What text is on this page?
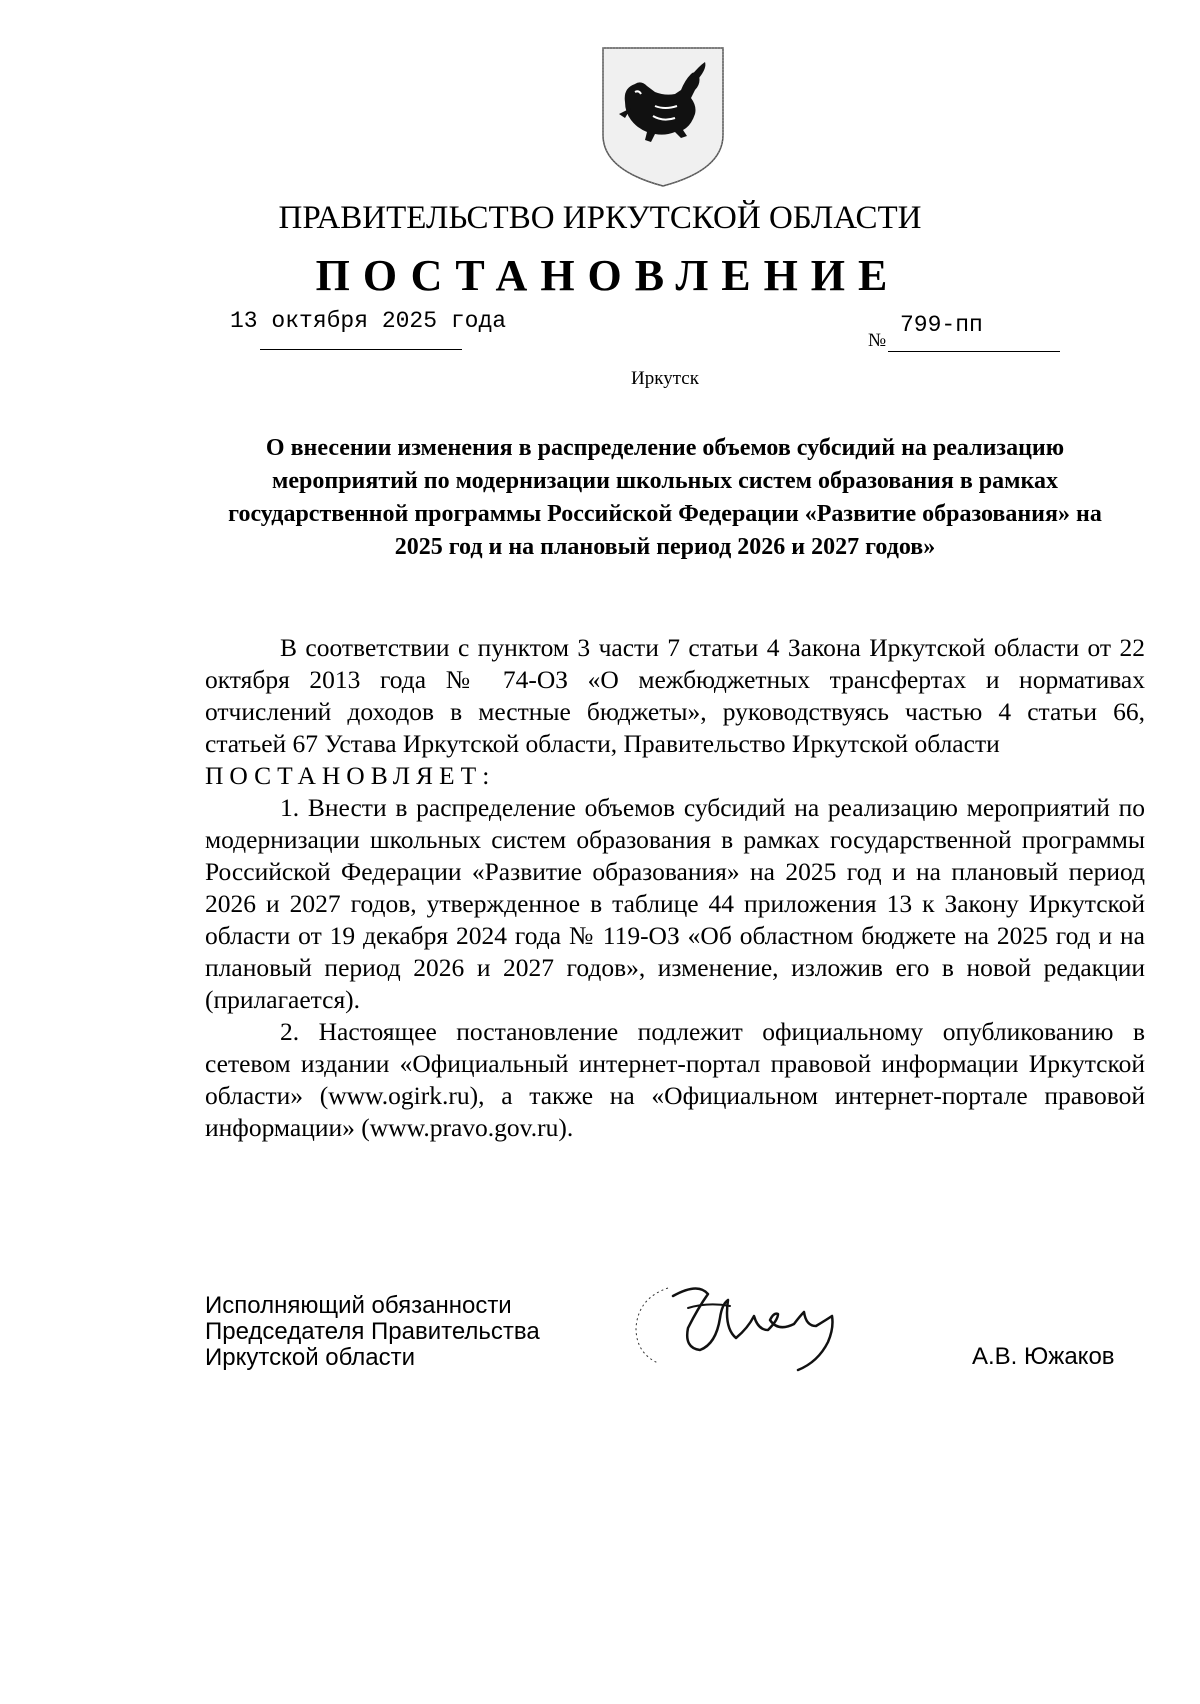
ПРАВИТЕЛЬСТВО ИРКУТСКОЙ ОБЛАСТИ
ПОСТАНОВЛЕНИЕ
13 октября 2025 года
№
799-пп
Иркутск
О внесении изменения в распределение объемов субсидий на реализацию мероприятий по модернизации школьных систем образования в рамках государственной программы Российской Федерации «Развитие образования» на 2025 год и на плановый период 2026 и 2027 годов»

В соответствии с пунктом 3 части 7 статьи 4 Закона Иркутской области от 22 октября 2013 года № 74-ОЗ «О межбюджетных трансфертах и нормативах отчислений доходов в местные бюджеты», руководствуясь частью 4 статьи 66, статьей 67 Устава Иркутской области, Правительство Иркутской области

ПОСТАНОВЛЯЕТ:

1. Внести в распределение объемов субсидий на реализацию мероприятий по модернизации школьных систем образования в рамках государственной программы Российской Федерации «Развитие образования» на 2025 год и на плановый период 2026 и 2027 годов, утвержденное в таблице 44 приложения 13 к Закону Иркутской области от 19 декабря 2024 года № 119-ОЗ «Об областном бюджете на 2025 год и на плановый период 2026 и 2027 годов», изменение, изложив его в новой редакции (прилагается).

2. Настоящее постановление подлежит официальному опубликованию в сетевом издании «Официальный интернет-портал правовой информации Иркутской области» (www.ogirk.ru), а также на «Официальном интернет-портале правовой информации» (www.pravo.gov.ru).

Исполняющий обязанности
Председателя Правительства
Иркутской области	А.В. Южаков
